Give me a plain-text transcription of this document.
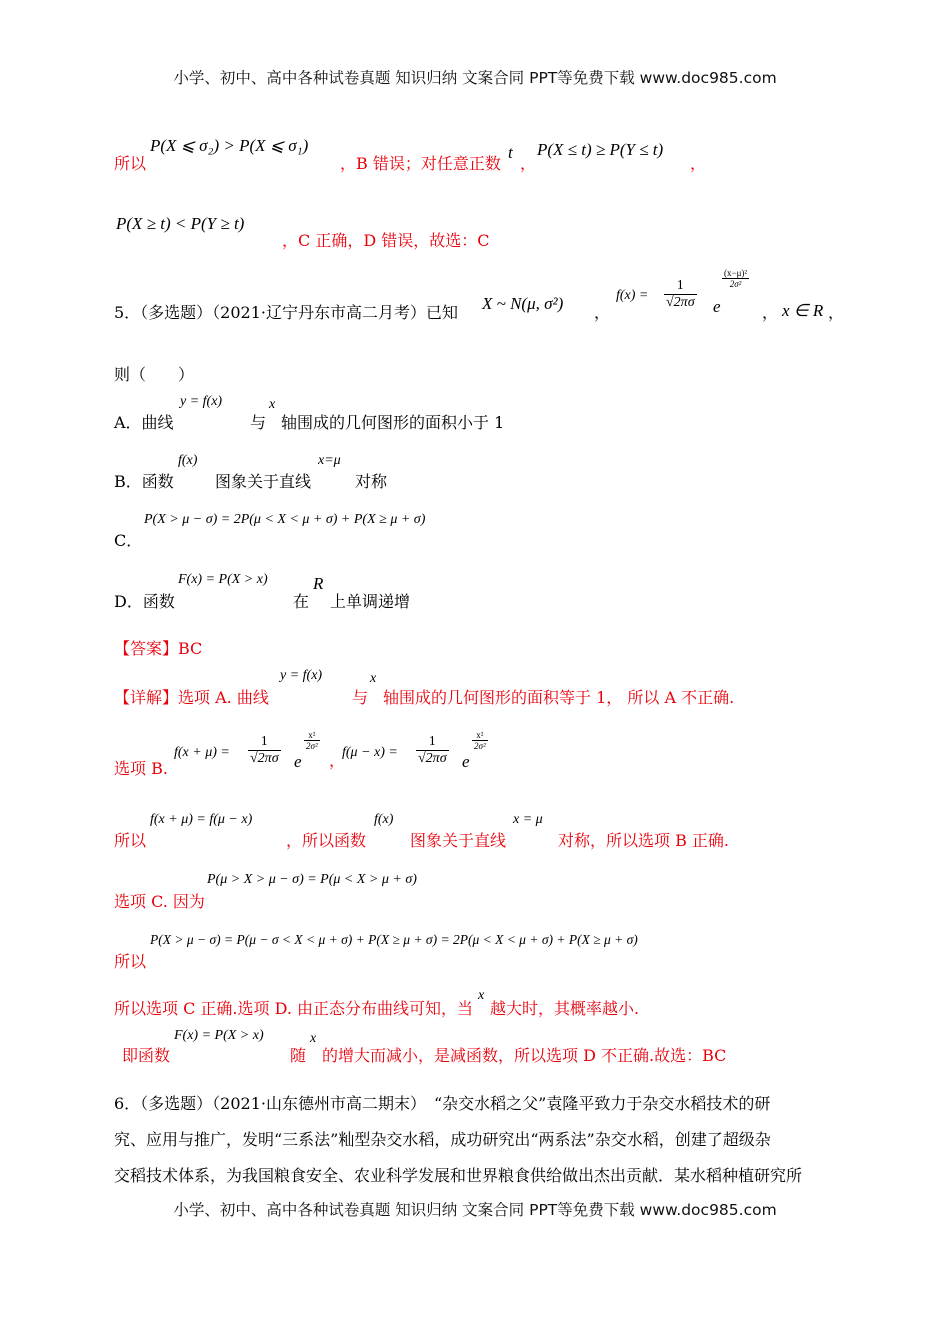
小学、初中、高中各种试卷真题 知识归纳 文案合同 PPT等免费下载 www.doc985.com
所以
P(X ⩽ σ₂) > P(X ⩽ σ₁)
，B 错误；对任意正数
t
，
P(X ≤ t) ≥ P(Y ≤ t)
，
P(X ≥ t) < P(Y ≥ t)
，C 正确，D 错误，故选：C
5．（多选题）（2021·辽宁丹东市高二月考）已知 X ~ N(μ, σ²) ，
$f(x) = \frac{1}{√2\pi\sigma}$ e
$\frac{\text{(x−μ)²}}{\text{2σ²}}$
， x ∈ R ，
则（　　）
A．曲线
y = f(x)
与
x
轴围成的几何图形的面积小于 1
B．函数
f(x)
图象关于直线
x=μ
对称
C．
P(X > μ − σ) = 2P(μ < X < μ + σ) + P(X ≥ μ + σ)
D．函数
F(x) = P(X > x)
在
R
上单调递增
【答案】BC
【详解】选项 A. 曲线
y = f(x)
与
x
轴围成的几何图形的面积等于 1， 所以 A 不正确.
选项 B.
$f(x + \mu) = \frac{1}{√2\pi\sigma}$ e
$\frac{\text{x²}}{\text{2σ²}}$
，
$f(\mu - x) = \frac{1}{√2\pi\sigma}$ e
$\frac{\text{x²}}{\text{2σ²}}$
所以
f(x + μ) = f(μ − x)
，所以函数
f(x)
图象关于直线
x = μ
对称，所以选项 B 正确.
选项 C. 因为
P(μ > X > μ − σ) = P(μ < X > μ + σ)
所以
P(X > μ − σ) = P(μ − σ < X < μ + σ) + P(X ≥ μ + σ) = 2P(μ < X < μ + σ) + P(X ≥ μ + σ)
所以选项 C 正确.选项 D. 由正态分布曲线可知，当
x
越大时，其概率越小.
即函数
F(x) = P(X > x)
随
x
的增大而减小，是减函数，所以选项 D 不正确.故选：BC
6．（多选题）（2021·山东德州市高二期末）　“杂交水稻之父”袁隆平致力于杂交水稻技术的研
究、应用与推广，发明“三系法”籼型杂交水稻，成功研究出“两系法”杂交水稻，创建了超级杂
交稻技术体系，为我国粮食安全、农业科学发展和世界粮食供给做出杰出贡献．某水稻种植研究所
小学、初中、高中各种试卷真题 知识归纳 文案合同 PPT等免费下载 www.doc985.com
